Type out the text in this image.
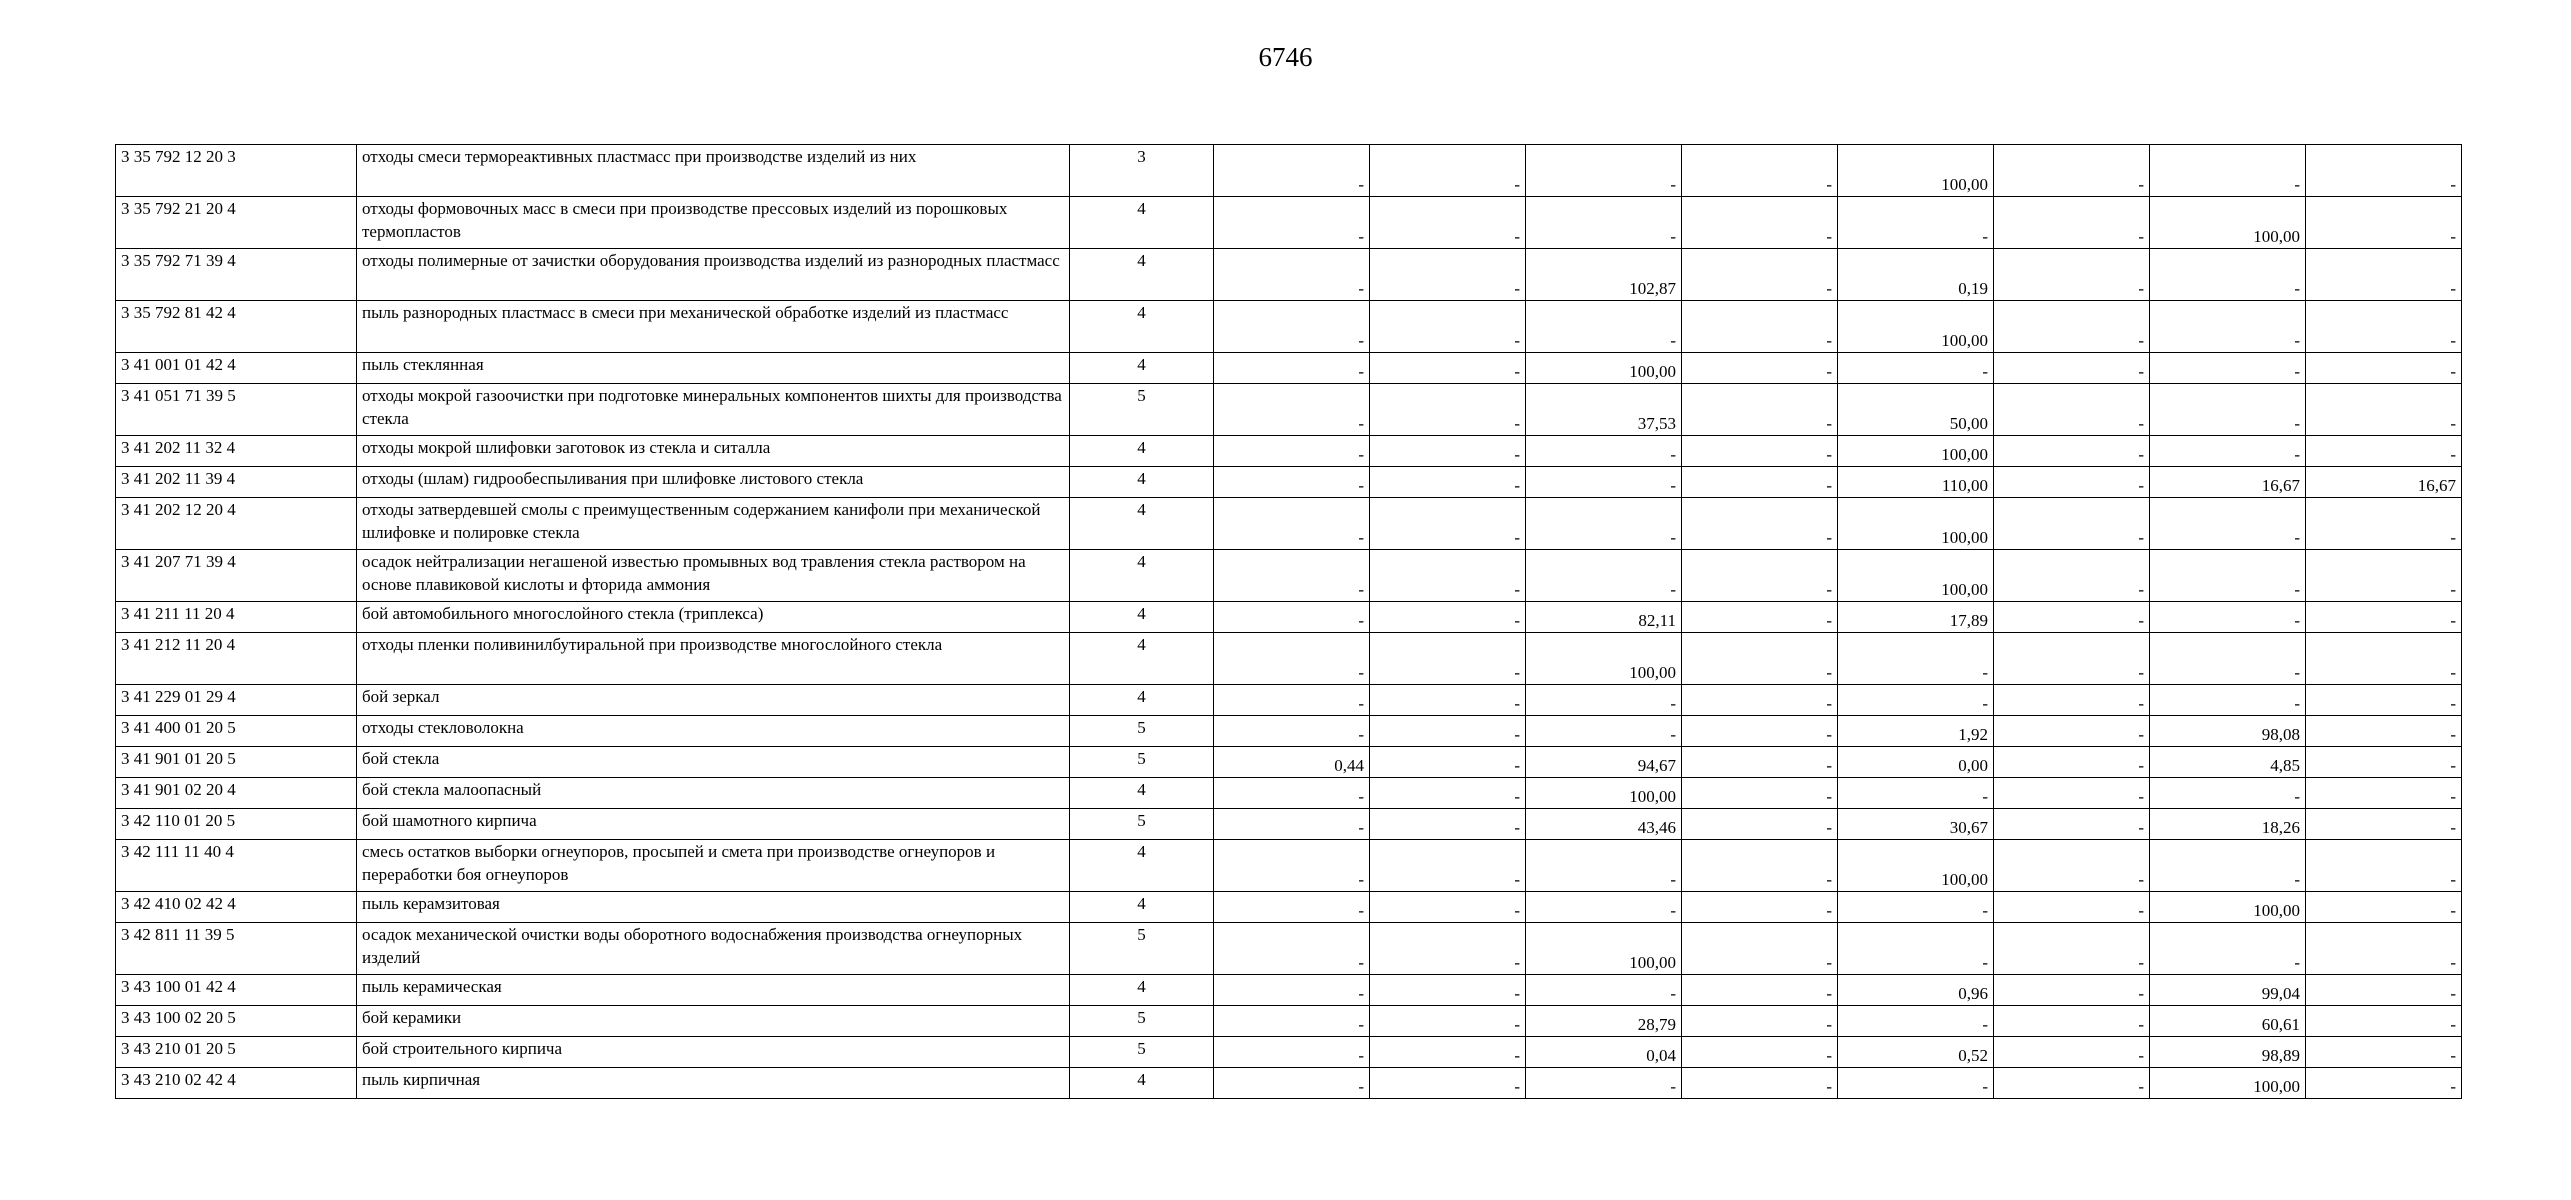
6746
3 35 792 12 20 3	отходы смеси термореактивных пластмасс при производстве изделий из них	3	-	-	-	-	100,00	-	-	-
3 35 792 21 20 4	отходы формовочных масс в смеси при производстве прессовых изделий из порошковых термопластов	4	-	-	-	-	-	-	100,00	-
3 35 792 71 39 4	отходы полимерные от зачистки оборудования производства изделий из разнородных пластмасс	4	-	-	102,87	-	0,19	-	-	-
3 35 792 81 42 4	пыль разнородных пластмасс в смеси при механической обработке изделий из пластмасс	4	-	-	-	-	100,00	-	-	-
3 41 001 01 42 4	пыль стеклянная	4	-	-	100,00	-	-	-	-	-
3 41 051 71 39 5	отходы мокрой газоочистки при подготовке минеральных компонентов шихты для производства стекла	5	-	-	37,53	-	50,00	-	-	-
3 41 202 11 32 4	отходы мокрой шлифовки заготовок из стекла и ситалла	4	-	-	-	-	100,00	-	-	-
3 41 202 11 39 4	отходы (шлам) гидрообеспыливания при шлифовке листового стекла	4	-	-	-	-	110,00	-	16,67	16,67
3 41 202 12 20 4	отходы затвердевшей смолы с преимущественным содержанием канифоли при механической шлифовке и полировке стекла	4	-	-	-	-	100,00	-	-	-
3 41 207 71 39 4	осадок нейтрализации негашеной известью промывных вод травления стекла раствором на основе плавиковой кислоты и фторида аммония	4	-	-	-	-	100,00	-	-	-
3 41 211 11 20 4	бой автомобильного многослойного стекла (триплекса)	4	-	-	82,11	-	17,89	-	-	-
3 41 212 11 20 4	отходы пленки поливинилбутиральной при производстве многослойного стекла	4	-	-	100,00	-	-	-	-	-
3 41 229 01 29 4	бой зеркал	4	-	-	-	-	-	-	-	-
3 41 400 01 20 5	отходы стекловолокна	5	-	-	-	-	1,92	-	98,08	-
3 41 901 01 20 5	бой стекла	5	0,44	-	94,67	-	0,00	-	4,85	-
3 41 901 02 20 4	бой стекла малоопасный	4	-	-	100,00	-	-	-	-	-
3 42 110 01 20 5	бой шамотного кирпича	5	-	-	43,46	-	30,67	-	18,26	-
3 42 111 11 40 4	смесь остатков выборки огнеупоров, просыпей и смета при производстве огнеупоров и переработки боя огнеупоров	4	-	-	-	-	100,00	-	-	-
3 42 410 02 42 4	пыль керамзитовая	4	-	-	-	-	-	-	100,00	-
3 42 811 11 39 5	осадок механической очистки воды оборотного водоснабжения производства огнеупорных изделий	5	-	-	100,00	-	-	-	-	-
3 43 100 01 42 4	пыль керамическая	4	-	-	-	-	0,96	-	99,04	-
3 43 100 02 20 5	бой керамики	5	-	-	28,79	-	-	-	60,61	-
3 43 210 01 20 5	бой строительного кирпича	5	-	-	0,04	-	0,52	-	98,89	-
3 43 210 02 42 4	пыль кирпичная	4	-	-	-	-	-	-	100,00	-
